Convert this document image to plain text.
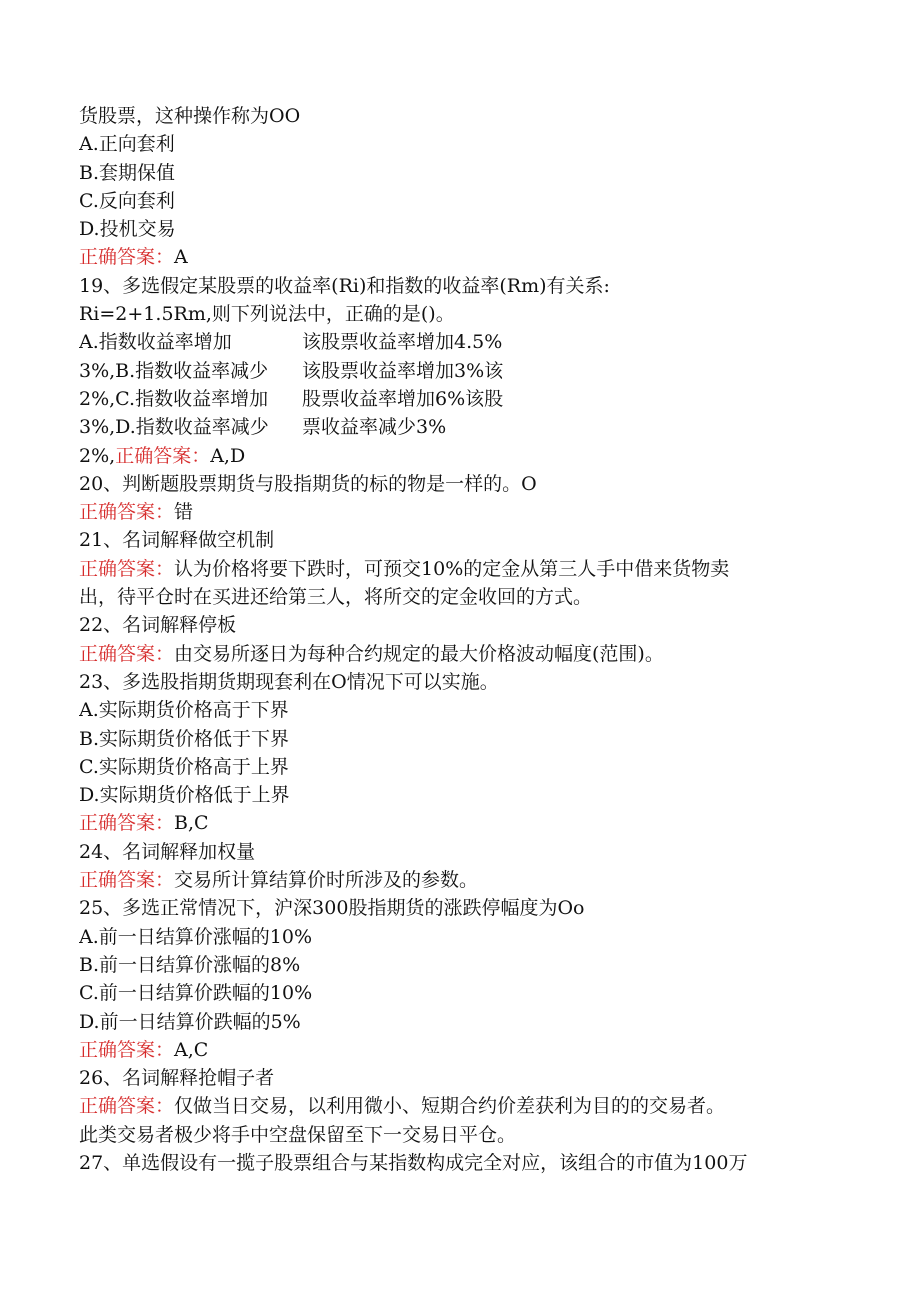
货股票，这种操作称为OO
A.正向套利
B.套期保值
C.反向套利
D.投机交易
正确答案：A
19、多选假定某股票的收益率(Ri)和指数的收益率(Rm)有关系:
Ri=2+1.5Rm,则下列说法中，正确的是()。
A.指数收益率增加	该股票收益率增加4.5%
3%,B.指数收益率减少 该股票收益率增加3%该
2%,C.指数收益率增加 股票收益率增加6%该股
3%,D.指数收益率减少 票收益率减少3%
2%,正确答案：A,D
20、判断题股票期货与股指期货的标的物是一样的。O
正确答案：错
21、名词解释做空机制
正确答案：认为价格将要下跌时，可预交10%的定金从第三人手中借来货物卖
出，待平仓时在买进还给第三人，将所交的定金收回的方式。
22、名词解释停板
正确答案：由交易所逐日为每种合约规定的最大价格波动幅度(范围)。
23、多选股指期货期现套利在O情况下可以实施。
A.实际期货价格高于下界
B.实际期货价格低于下界
C.实际期货价格高于上界
D.实际期货价格低于上界
正确答案：B,C
24、名词解释加权量
正确答案：交易所计算结算价时所涉及的参数。
25、多选正常情况下，沪深300股指期货的涨跌停幅度为Oo
A.前一日结算价涨幅的10%
B.前一日结算价涨幅的8%
C.前一日结算价跌幅的10%
D.前一日结算价跌幅的5%
正确答案：A,C
26、名词解释抢帽子者
正确答案：仅做当日交易，以利用微小、短期合约价差获利为目的的交易者。
此类交易者极少将手中空盘保留至下一交易日平仓。
27、单选假设有一揽子股票组合与某指数构成完全对应，该组合的市值为100万
